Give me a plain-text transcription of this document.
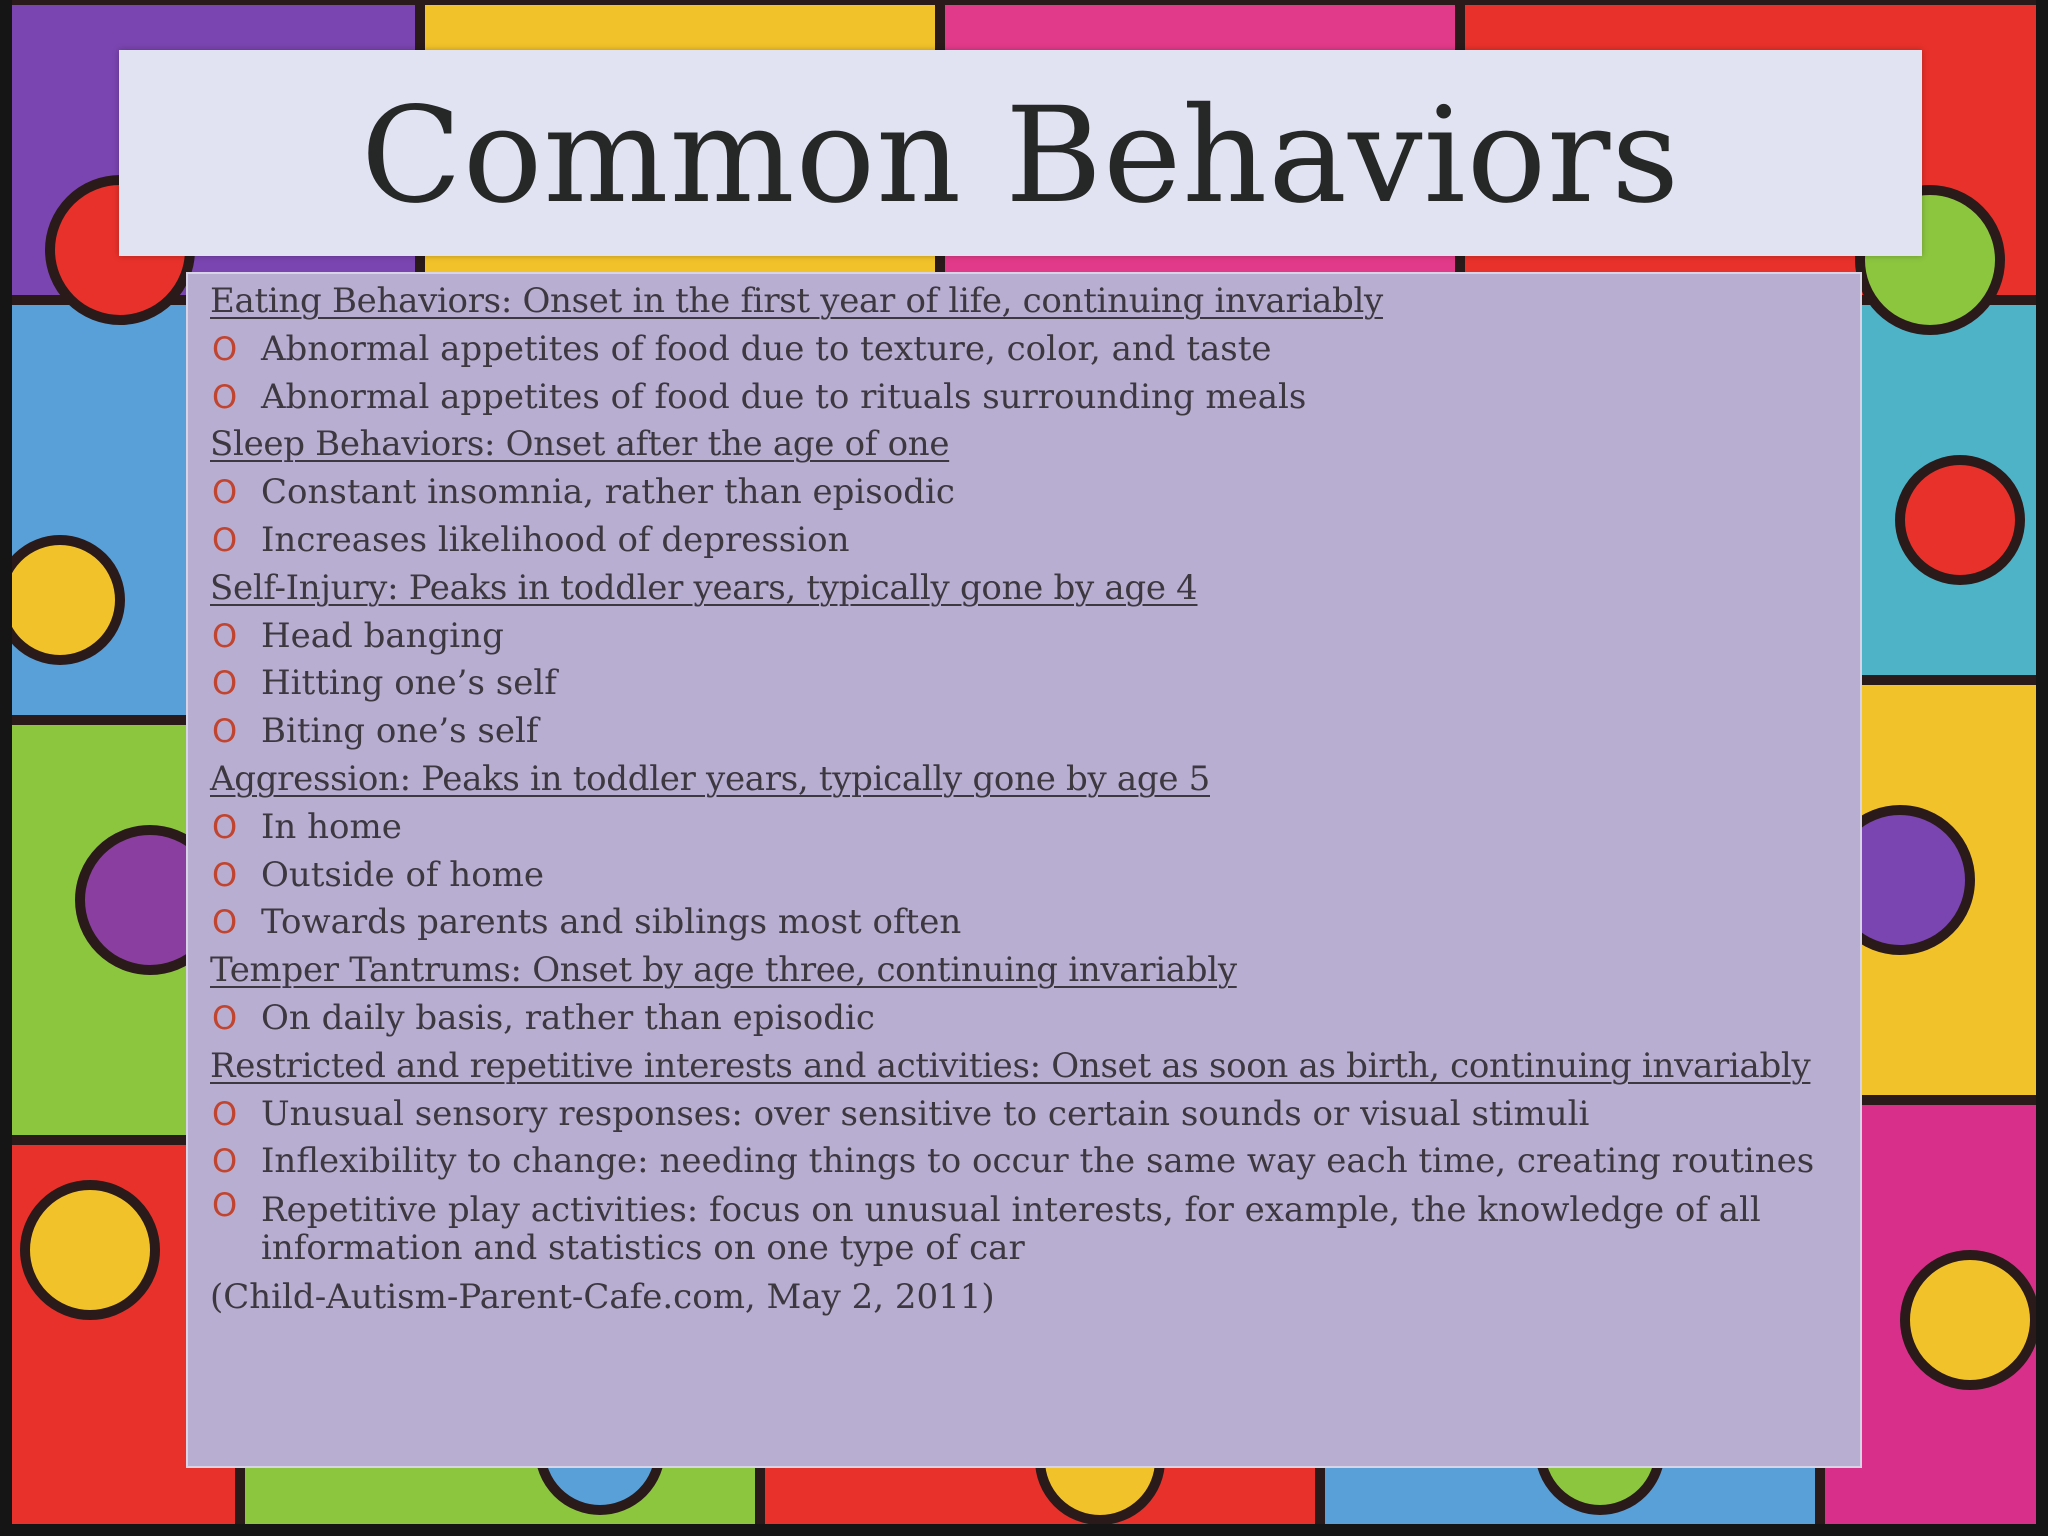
Common Behaviors
Eating Behaviors: Onset in the first year of life, continuing invariably
O Abnormal appetites of food due to texture, color, and taste
O Abnormal appetites of food due to rituals surrounding meals
Sleep Behaviors: Onset after the age of one
O Constant insomnia, rather than episodic
O Increases likelihood of depression
Self-Injury: Peaks in toddler years, typically gone by age 4
O Head banging
O Hitting one’s self
O Biting one’s self
Aggression: Peaks in toddler years, typically gone by age 5
O In home
O Outside of home
O Towards parents and siblings most often
Temper Tantrums: Onset by age three, continuing invariably
O On daily basis, rather than episodic
Restricted and repetitive interests and activities: Onset as soon as birth, continuing invariably
O Unusual sensory responses: over sensitive to certain sounds or visual stimuli
O Inflexibility to change: needing things to occur the same way each time, creating routines
O Repetitive play activities: focus on unusual interests, for example, the knowledge of all information and statistics on one type of car
(Child-Autism-Parent-Cafe.com, May 2, 2011)
